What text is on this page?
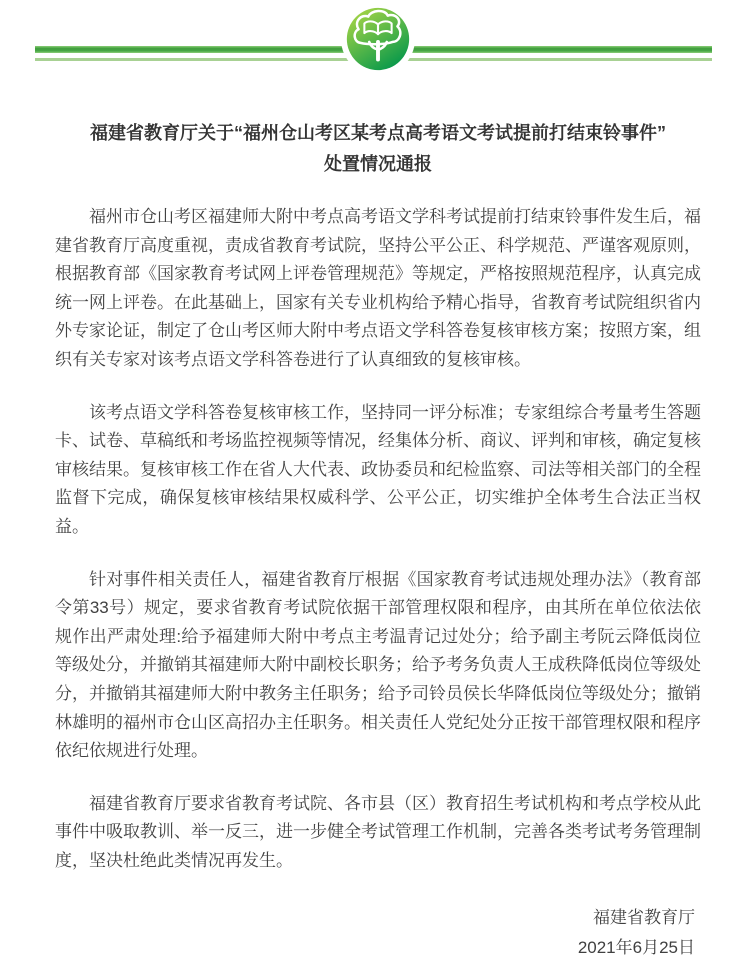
福建省教育厅关于“福州仓山考区某考点高考语文考试提前打结束铃事件”
处置情况通报

福州市仓山考区福建师大附中考点高考语文学科考试提前打结束铃事件发生后，福建省教育厅高度重视，责成省教育考试院，坚持公平公正、科学规范、严谨客观原则，根据教育部《国家教育考试网上评卷管理规范》等规定，严格按照规范程序，认真完成统一网上评卷。在此基础上，国家有关专业机构给予精心指导，省教育考试院组织省内外专家论证，制定了仓山考区师大附中考点语文学科答卷复核审核方案；按照方案，组织有关专家对该考点语文学科答卷进行了认真细致的复核审核。

该考点语文学科答卷复核审核工作，坚持同一评分标准；专家组综合考量考生答题卡、试卷、草稿纸和考场监控视频等情况，经集体分析、商议、评判和审核，确定复核审核结果。复核审核工作在省人大代表、政协委员和纪检监察、司法等相关部门的全程监督下完成，确保复核审核结果权威科学、公平公正，切实维护全体考生合法正当权益。

针对事件相关责任人，福建省教育厅根据《国家教育考试违规处理办法》（教育部令第33号）规定，要求省教育考试院依据干部管理权限和程序，由其所在单位依法依规作出严肃处理:给予福建师大附中考点主考温青记过处分；给予副主考阮云降低岗位等级处分，并撤销其福建师大附中副校长职务；给予考务负责人王成秩降低岗位等级处分，并撤销其福建师大附中教务主任职务；给予司铃员侯长华降低岗位等级处分；撤销林雄明的福州市仓山区高招办主任职务。相关责任人党纪处分正按干部管理权限和程序依纪依规进行处理。

福建省教育厅要求省教育考试院、各市县（区）教育招生考试机构和考点学校从此事件中吸取教训、举一反三，进一步健全考试管理工作机制，完善各类考试考务管理制度，坚决杜绝此类情况再发生。

福建省教育厅
2021年6月25日
